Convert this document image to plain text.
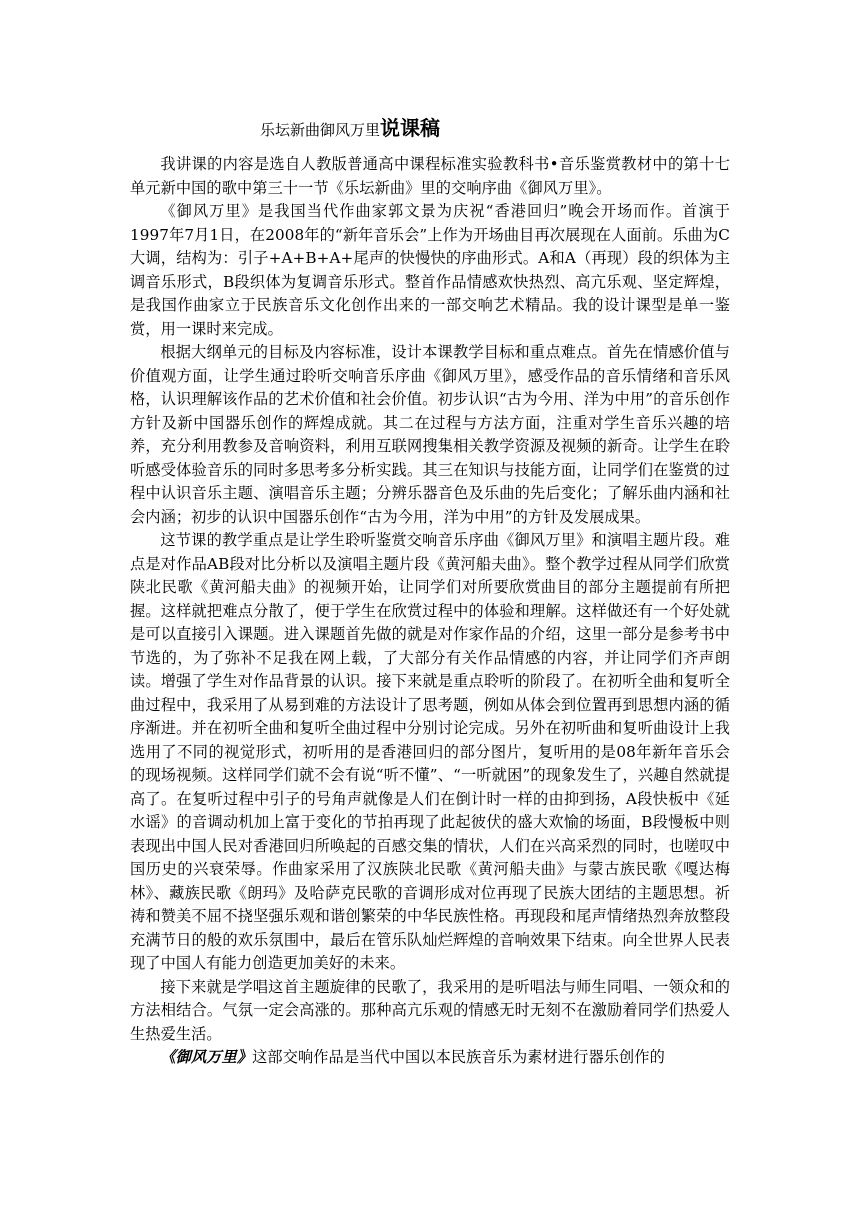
乐坛新曲御风万里说课稿

我讲课的内容是选自人教版普通高中课程标准实验教科书•音乐鉴赏教材中的第十七单元新中国的歌中第三十一节《乐坛新曲》里的交响序曲《御风万里》。

《御风万里》是我国当代作曲家郭文景为庆祝“香港回归”晚会开场而作。首演于1997年7月1日，在2008年的“新年音乐会”上作为开场曲目再次展现在人面前。乐曲为C大调，结构为：引子+A+B+A+尾声的快慢快的序曲形式。A和A（再现）段的织体为主调音乐形式，B段织体为复调音乐形式。整首作品情感欢快热烈、高亢乐观、坚定辉煌，是我国作曲家立于民族音乐文化创作出来的一部交响艺术精品。我的设计课型是单一鉴赏，用一课时来完成。

根据大纲单元的目标及内容标准，设计本课教学目标和重点难点。首先在情感价值与价值观方面，让学生通过聆听交响音乐序曲《御风万里》，感受作品的音乐情绪和音乐风格，认识理解该作品的艺术价值和社会价值。初步认识“古为今用、洋为中用”的音乐创作方针及新中国器乐创作的辉煌成就。其二在过程与方法方面，注重对学生音乐兴趣的培养，充分利用教参及音响资料，利用互联网搜集相关教学资源及视频的新奇。让学生在聆听感受体验音乐的同时多思考多分析实践。其三在知识与技能方面，让同学们在鉴赏的过程中认识音乐主题、演唱音乐主题；分辨乐器音色及乐曲的先后变化；了解乐曲内涵和社会内涵；初步的认识中国器乐创作“古为今用，洋为中用”的方针及发展成果。

这节课的教学重点是让学生聆听鉴赏交响音乐序曲《御风万里》和演唱主题片段。难点是对作品AB段对比分析以及演唱主题片段《黄河船夫曲》。整个教学过程从同学们欣赏陕北民歌《黄河船夫曲》的视频开始，让同学们对所要欣赏曲目的部分主题提前有所把握。这样就把难点分散了，便于学生在欣赏过程中的体验和理解。这样做还有一个好处就是可以直接引入课题。进入课题首先做的就是对作家作品的介绍，这里一部分是参考书中节选的，为了弥补不足我在网上载，了大部分有关作品情感的内容，并让同学们齐声朗读。增强了学生对作品背景的认识。接下来就是重点聆听的阶段了。在初听全曲和复听全曲过程中，我采用了从易到难的方法设计了思考题，例如从体会到位置再到思想内涵的循序渐进。并在初听全曲和复听全曲过程中分别讨论完成。另外在初听曲和复听曲设计上我选用了不同的视觉形式，初听用的是香港回归的部分图片，复听用的是08年新年音乐会的现场视频。这样同学们就不会有说“听不懂”、“一听就困”的现象发生了，兴趣自然就提高了。在复听过程中引子的号角声就像是人们在倒计时一样的由抑到扬，A段快板中《延水谣》的音调动机加上富于变化的节拍再现了此起彼伏的盛大欢愉的场面，B段慢板中则表现出中国人民对香港回归所唤起的百感交集的情状，人们在兴高采烈的同时，也嗟叹中国历史的兴衰荣辱。作曲家采用了汉族陕北民歌《黄河船夫曲》与蒙古族民歌《嘎达梅林》、藏族民歌《朗玛》及哈萨克民歌的音调形成对位再现了民族大团结的主题思想。祈祷和赞美不屈不挠坚强乐观和谐创繁荣的中华民族性格。再现段和尾声情绪热烈奔放整段充满节日的般的欢乐氛围中，最后在管乐队灿烂辉煌的音响效果下结束。向全世界人民表现了中国人有能力创造更加美好的未来。

接下来就是学唱这首主题旋律的民歌了，我采用的是听唱法与师生同唱、一领众和的方法相结合。气氛一定会高涨的。那种高亢乐观的情感无时无刻不在激励着同学们热爱人生热爱生活。

《御风万里》这部交响作品是当代中国以本民族音乐为素材进行器乐创作的
